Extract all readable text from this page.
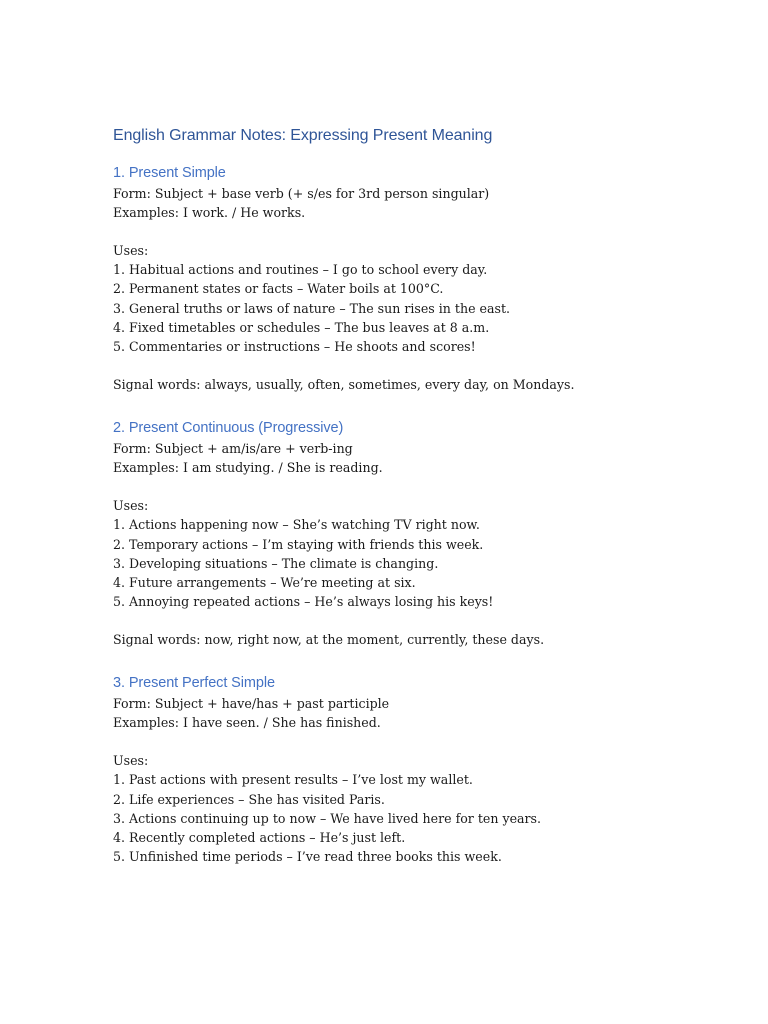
English Grammar Notes: Expressing Present Meaning
1. Present Simple

Form: Subject + base verb (+ s/es for 3rd person singular)

Examples: I work. / He works.

Uses:

1. Habitual actions and routines – I go to school every day.
2. Permanent states or facts – Water boils at 100°C.
3. General truths or laws of nature – The sun rises in the east.
4. Fixed timetables or schedules – The bus leaves at 8 a.m.
5. Commentaries or instructions – He shoots and scores!

Signal words: always, usually, often, sometimes, every day, on Mondays.

2. Present Continuous (Progressive)

Form: Subject + am/is/are + verb-ing

Examples: I am studying. / She is reading.

Uses:

1. Actions happening now – She’s watching TV right now.
2. Temporary actions – I’m staying with friends this week.
3. Developing situations – The climate is changing.
4. Future arrangements – We’re meeting at six.
5. Annoying repeated actions – He’s always losing his keys!

Signal words: now, right now, at the moment, currently, these days.

3. Present Perfect Simple

Form: Subject + have/has + past participle

Examples: I have seen. / She has finished.

Uses:

1. Past actions with present results – I’ve lost my wallet.
2. Life experiences – She has visited Paris.
3. Actions continuing up to now – We have lived here for ten years.
4. Recently completed actions – He’s just left.
5. Unfinished time periods – I’ve read three books this week.
